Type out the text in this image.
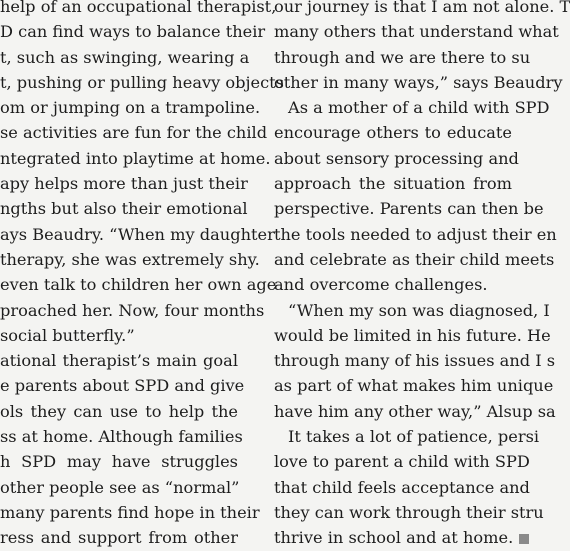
help of an occupational therapist,
D can find ways to balance their
t, such as swinging, wearing a
t, pushing or pulling heavy objects
om or jumping on a trampoline.
se activities are fun for the child
ntegrated into playtime at home.
apy helps more than just their
ngths but also their emotional
ays Beaudry. “When my daughter
therapy, she was extremely shy.
even talk to children her own age
proached her. Now, four months
social butterfly.”
ational therapist’s main goal
e parents about SPD and give
ols they can use to help the
ss at home. Although families
h SPD may have struggles
other people see as “normal”
many parents find hope in their
ress and support from other
our journey is that I am not alone. T
many others that understand what
through and we are there to su
other in many ways,” says Beaudry
As a mother of a child with SPD
encourage others to educate
about sensory processing and
approach the situation from
perspective. Parents can then be
the tools needed to adjust their en
and celebrate as their child meets
and overcome challenges.
“When my son was diagnosed, I
would be limited in his future. He
through many of his issues and I s
as part of what makes him unique
have him any other way,” Alsup sa
It takes a lot of patience, persi
love to parent a child with SPD
that child feels acceptance and
they can work through their stru
thrive in school and at home.
